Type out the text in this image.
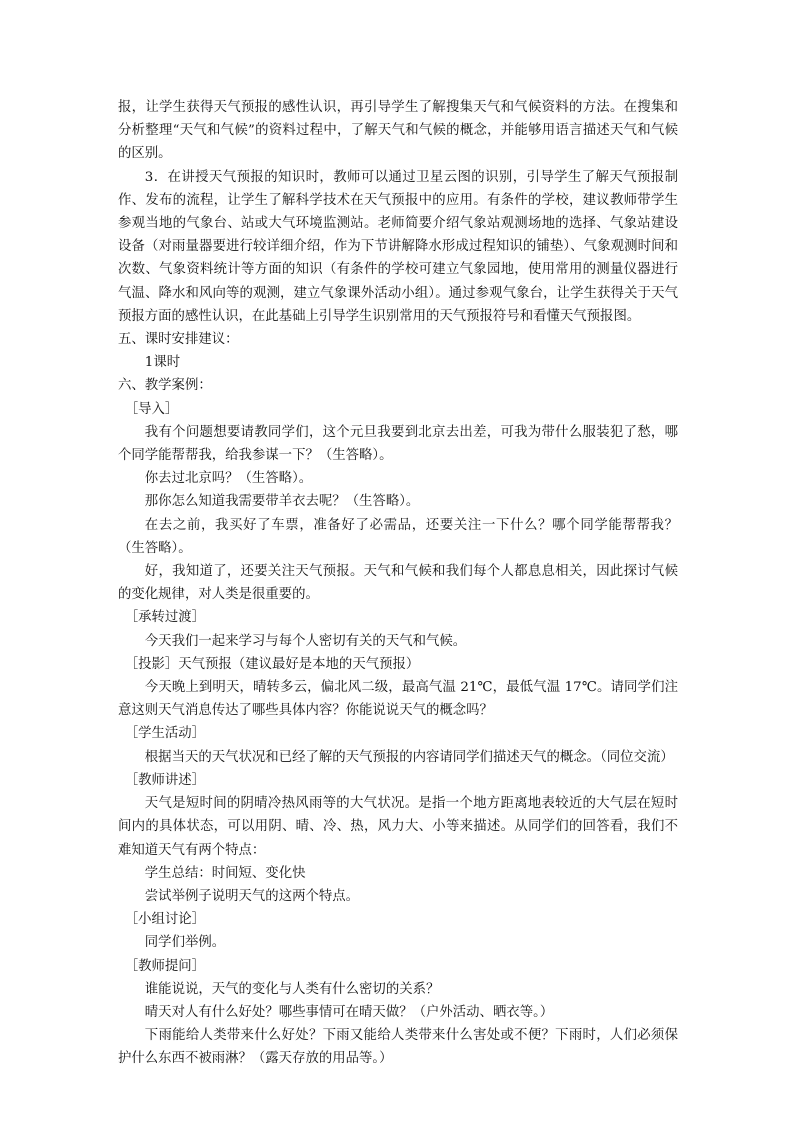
报，让学生获得天气预报的感性认识，再引导学生了解搜集天气和气候资料的方法。在搜集和分析整理“天气和气候”的资料过程中，了解天气和气候的概念，并能够用语言描述天气和气候的区别。

3．在讲授天气预报的知识时，教师可以通过卫星云图的识别，引导学生了解天气预报制作、发布的流程，让学生了解科学技术在天气预报中的应用。有条件的学校，建议教师带学生参观当地的气象台、站或大气环境监测站。老师简要介绍气象站观测场地的选择、气象站建设设备（对雨量器要进行较详细介绍，作为下节讲解降水形成过程知识的铺垫）、气象观测时间和次数、气象资料统计等方面的知识（有条件的学校可建立气象园地，使用常用的测量仪器进行气温、降水和风向等的观测，建立气象课外活动小组）。通过参观气象台，让学生获得关于天气预报方面的感性认识，在此基础上引导学生识别常用的天气预报符号和看懂天气预报图。

五、课时安排建议：

1课时

六、教学案例：

［导入］

我有个问题想要请教同学们，这个元旦我要到北京去出差，可我为带什么服装犯了愁，哪个同学能帮帮我，给我参谋一下？（生答略）。

你去过北京吗？（生答略）。

那你怎么知道我需要带羊衣去呢？（生答略）。

在去之前，我买好了车票，准备好了必需品，还要关注一下什么？哪个同学能帮帮我？（生答略）。

好，我知道了，还要关注天气预报。天气和气候和我们每个人都息息相关，因此探讨气候的变化规律，对人类是很重要的。

［承转过渡］

今天我们一起来学习与每个人密切有关的天气和气候。

［投影］天气预报（建议最好是本地的天气预报）

今天晚上到明天，晴转多云，偏北风二级，最高气温 21℃，最低气温 17℃。请同学们注意这则天气消息传达了哪些具体内容？你能说说天气的概念吗？

［学生活动］

根据当天的天气状况和已经了解的天气预报的内容请同学们描述天气的概念。（同位交流）

［教师讲述］

天气是短时间的阴晴冷热风雨等的大气状况。是指一个地方距离地表较近的大气层在短时间内的具体状态，可以用阴、晴、冷、热，风力大、小等来描述。从同学们的回答看，我们不难知道天气有两个特点：

学生总结：时间短、变化快

尝试举例子说明天气的这两个特点。

［小组讨论］

同学们举例。

［教师提问］

谁能说说，天气的变化与人类有什么密切的关系？

晴天对人有什么好处？哪些事情可在晴天做？（户外活动、晒衣等。）

下雨能给人类带来什么好处？下雨又能给人类带来什么害处或不便？下雨时，人们必须保护什么东西不被雨淋？（露天存放的用品等。）
